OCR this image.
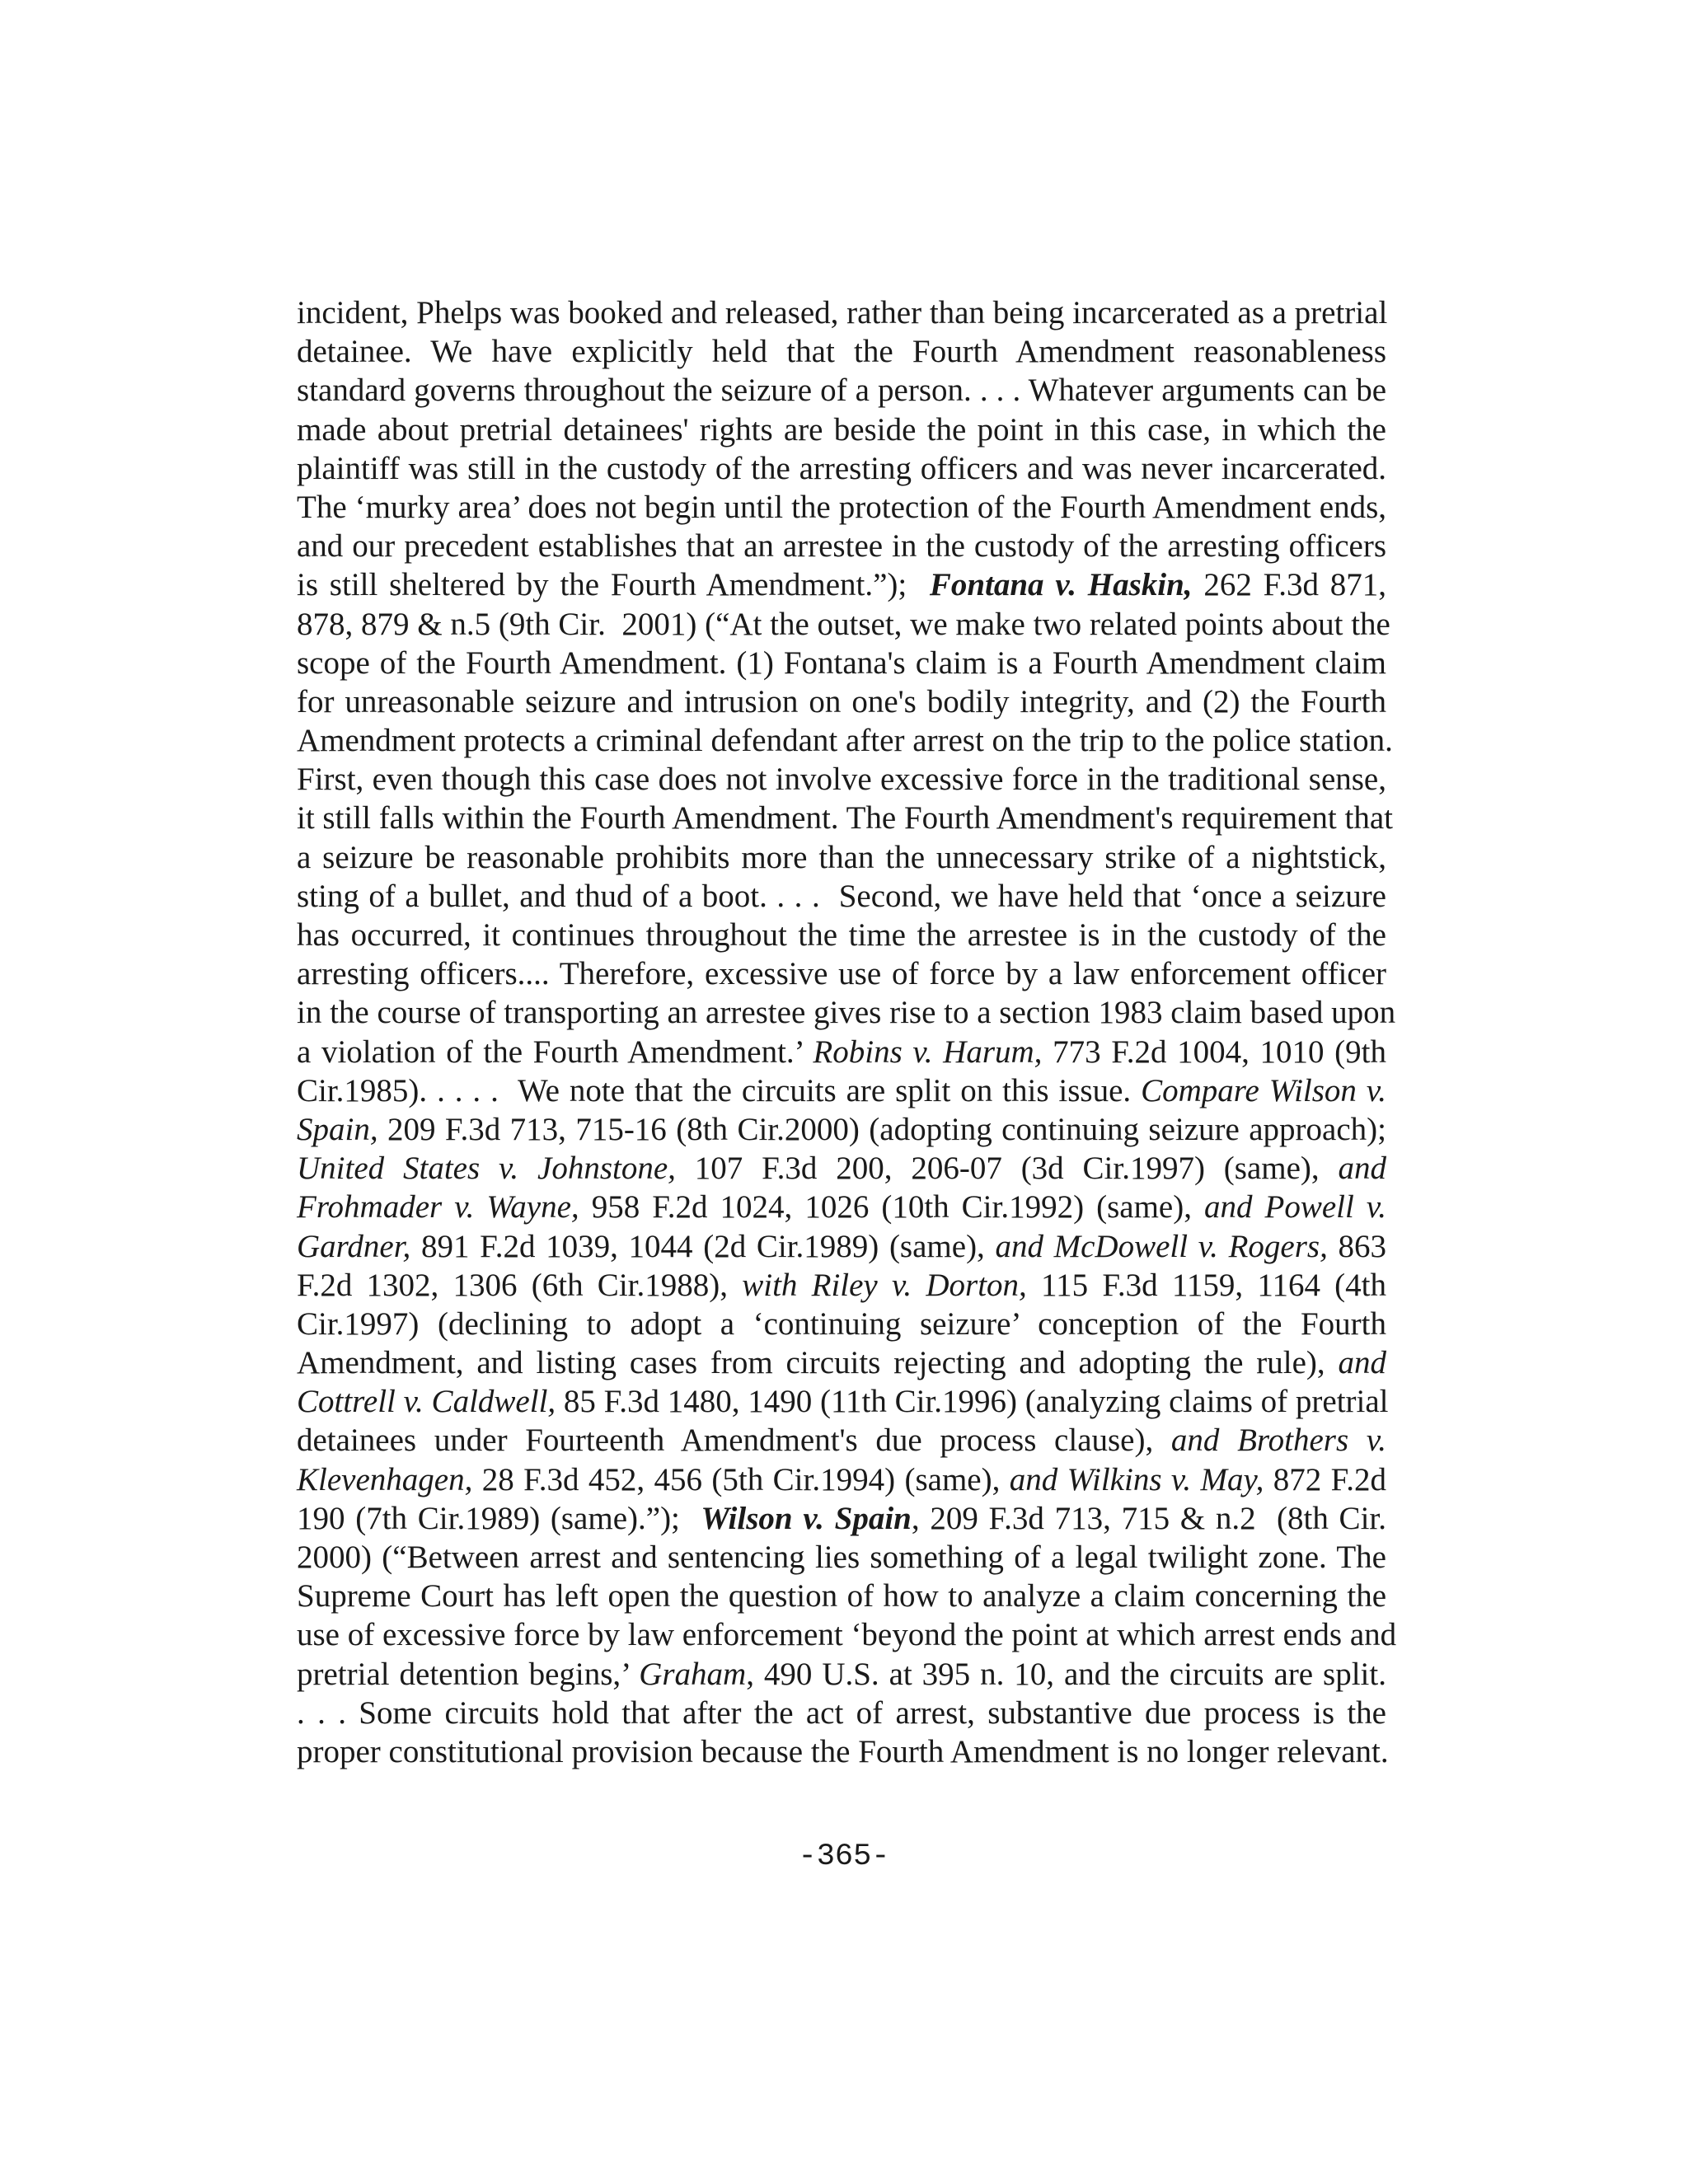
incident, Phelps was booked and released, rather than being incarcerated as a pretrial
detainee. We have explicitly held that the Fourth Amendment reasonableness
standard governs throughout the seizure of a person. . . . Whatever arguments can be
made about pretrial detainees' rights are beside the point in this case, in which the
plaintiff was still in the custody of the arresting officers and was never incarcerated.
The ‘murky area’ does not begin until the protection of the Fourth Amendment ends,
and our precedent establishes that an arrestee in the custody of the arresting officers
is still sheltered by the Fourth Amendment.”);  Fontana v. Haskin, 262 F.3d 871,
878, 879 & n.5 (9th Cir.  2001) (“At the outset, we make two related points about the
scope of the Fourth Amendment. (1) Fontana's claim is a Fourth Amendment claim
for unreasonable seizure and intrusion on one's bodily integrity, and (2) the Fourth
Amendment protects a criminal defendant after arrest on the trip to the police station.
First, even though this case does not involve excessive force in the traditional sense,
it still falls within the Fourth Amendment. The Fourth Amendment's requirement that
a seizure be reasonable prohibits more than the unnecessary strike of a nightstick,
sting of a bullet, and thud of a boot. . . .  Second, we have held that ‘once a seizure
has occurred, it continues throughout the time the arrestee is in the custody of the
arresting officers.... Therefore, excessive use of force by a law enforcement officer
in the course of transporting an arrestee gives rise to a section 1983 claim based upon
a violation of the Fourth Amendment.’ Robins v. Harum, 773 F.2d 1004, 1010 (9th
Cir.1985). . . . .  We note that the circuits are split on this issue. Compare Wilson v.
Spain, 209 F.3d 713, 715-16 (8th Cir.2000) (adopting continuing seizure approach);
United States v. Johnstone, 107 F.3d 200, 206-07 (3d Cir.1997) (same), and
Frohmader v. Wayne, 958 F.2d 1024, 1026 (10th Cir.1992) (same), and Powell v.
Gardner, 891 F.2d 1039, 1044 (2d Cir.1989) (same), and McDowell v. Rogers, 863
F.2d 1302, 1306 (6th Cir.1988), with Riley v. Dorton, 115 F.3d 1159, 1164 (4th
Cir.1997) (declining to adopt a ‘continuing seizure’ conception of the Fourth
Amendment, and listing cases from circuits rejecting and adopting the rule), and
Cottrell v. Caldwell, 85 F.3d 1480, 1490 (11th Cir.1996) (analyzing claims of pretrial
detainees under Fourteenth Amendment's due process clause), and Brothers v.
Klevenhagen, 28 F.3d 452, 456 (5th Cir.1994) (same), and Wilkins v. May, 872 F.2d
190 (7th Cir.1989) (same).”);  Wilson v. Spain, 209 F.3d 713, 715 & n.2  (8th Cir.
2000) (“Between arrest and sentencing lies something of a legal twilight zone. The
Supreme Court has left open the question of how to analyze a claim concerning the
use of excessive force by law enforcement ‘beyond the point at which arrest ends and
pretrial detention begins,’ Graham, 490 U.S. at 395 n. 10, and the circuits are split.
. . . Some circuits hold that after the act of arrest, substantive due process is the
proper constitutional provision because the Fourth Amendment is no longer relevant.
-365-
